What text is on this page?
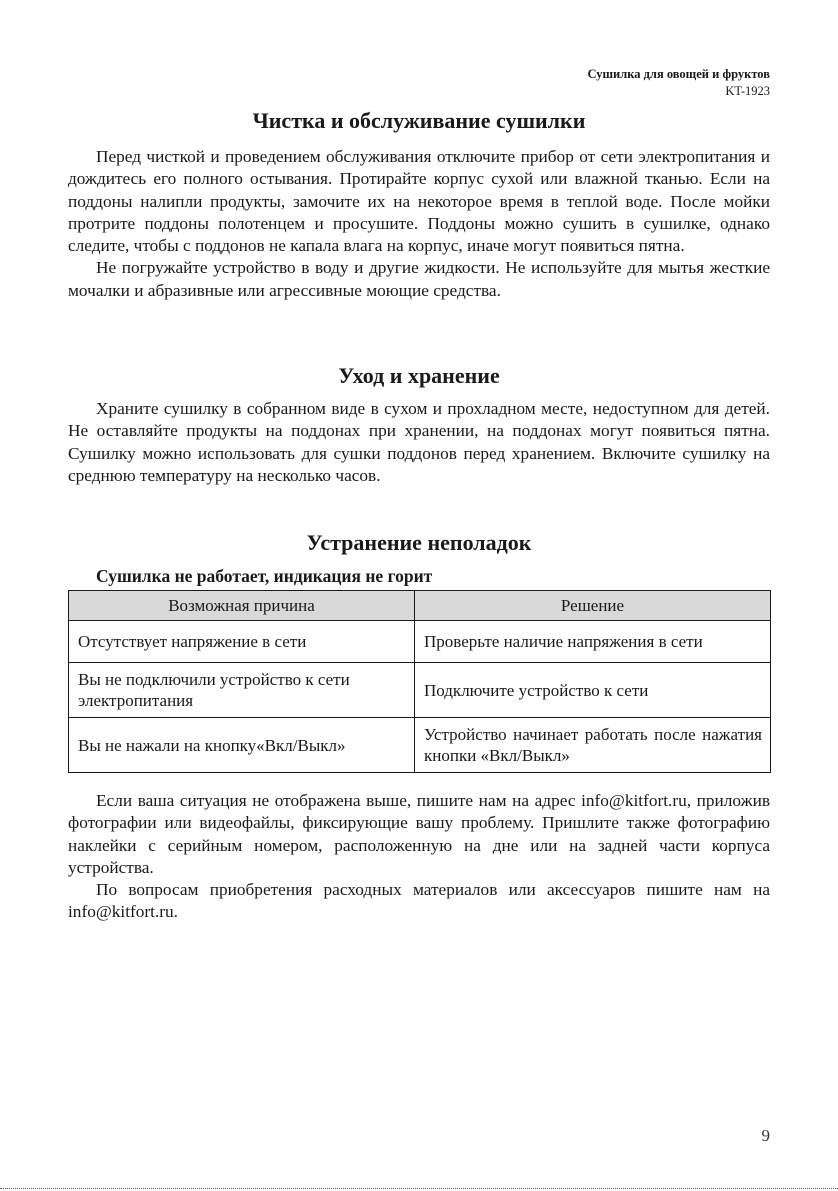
Сушилка для овощей и фруктов
KT-1923
Чистка и обслуживание сушилки

Перед чисткой и проведением обслуживания отключите прибор от сети электропитания и дождитесь его полного остывания. Протирайте корпус сухой или влажной тканью. Если на поддоны налипли продукты, замочите их на некоторое время в теплой воде. После мойки протрите поддоны полотенцем и просушите. Поддоны можно сушить в сушилке, однако следите, чтобы с поддонов не капала влага на корпус, иначе могут появиться пятна.

Не погружайте устройство в воду и другие жидкости. Не используйте для мытья жесткие мочалки и абразивные или агрессивные моющие средства.

Уход и хранение

Храните сушилку в собранном виде в сухом и прохладном месте, недоступном для детей. Не оставляйте продукты на поддонах при хранении, на поддонах могут появиться пятна. Сушилку можно использовать для сушки поддонов перед хранением. Включите сушилку на среднюю температуру на несколько часов.

Устранение неполадок
Сушилка не работает, индикация не горит
Возможная причина	Решение
Отсутствует напряжение в сети	Проверьте наличие напряжения в сети
Вы не подключили устройство к сети электропитания	Подключите устройство к сети
Вы не нажали на кнопку«Вкл/Выкл»	Устройство начинает работать после нажатия кнопки «Вкл/Выкл»

Если ваша ситуация не отображена выше, пишите нам на адрес info@kitfort.ru, приложив фотографии или видеофайлы, фиксирующие вашу проблему. Пришлите также фотографию наклейки с серийным номером, расположенную на дне или на задней части корпуса устройства.

По вопросам приобретения расходных материалов или аксессуаров пишите нам на info@kitfort.ru.

9
